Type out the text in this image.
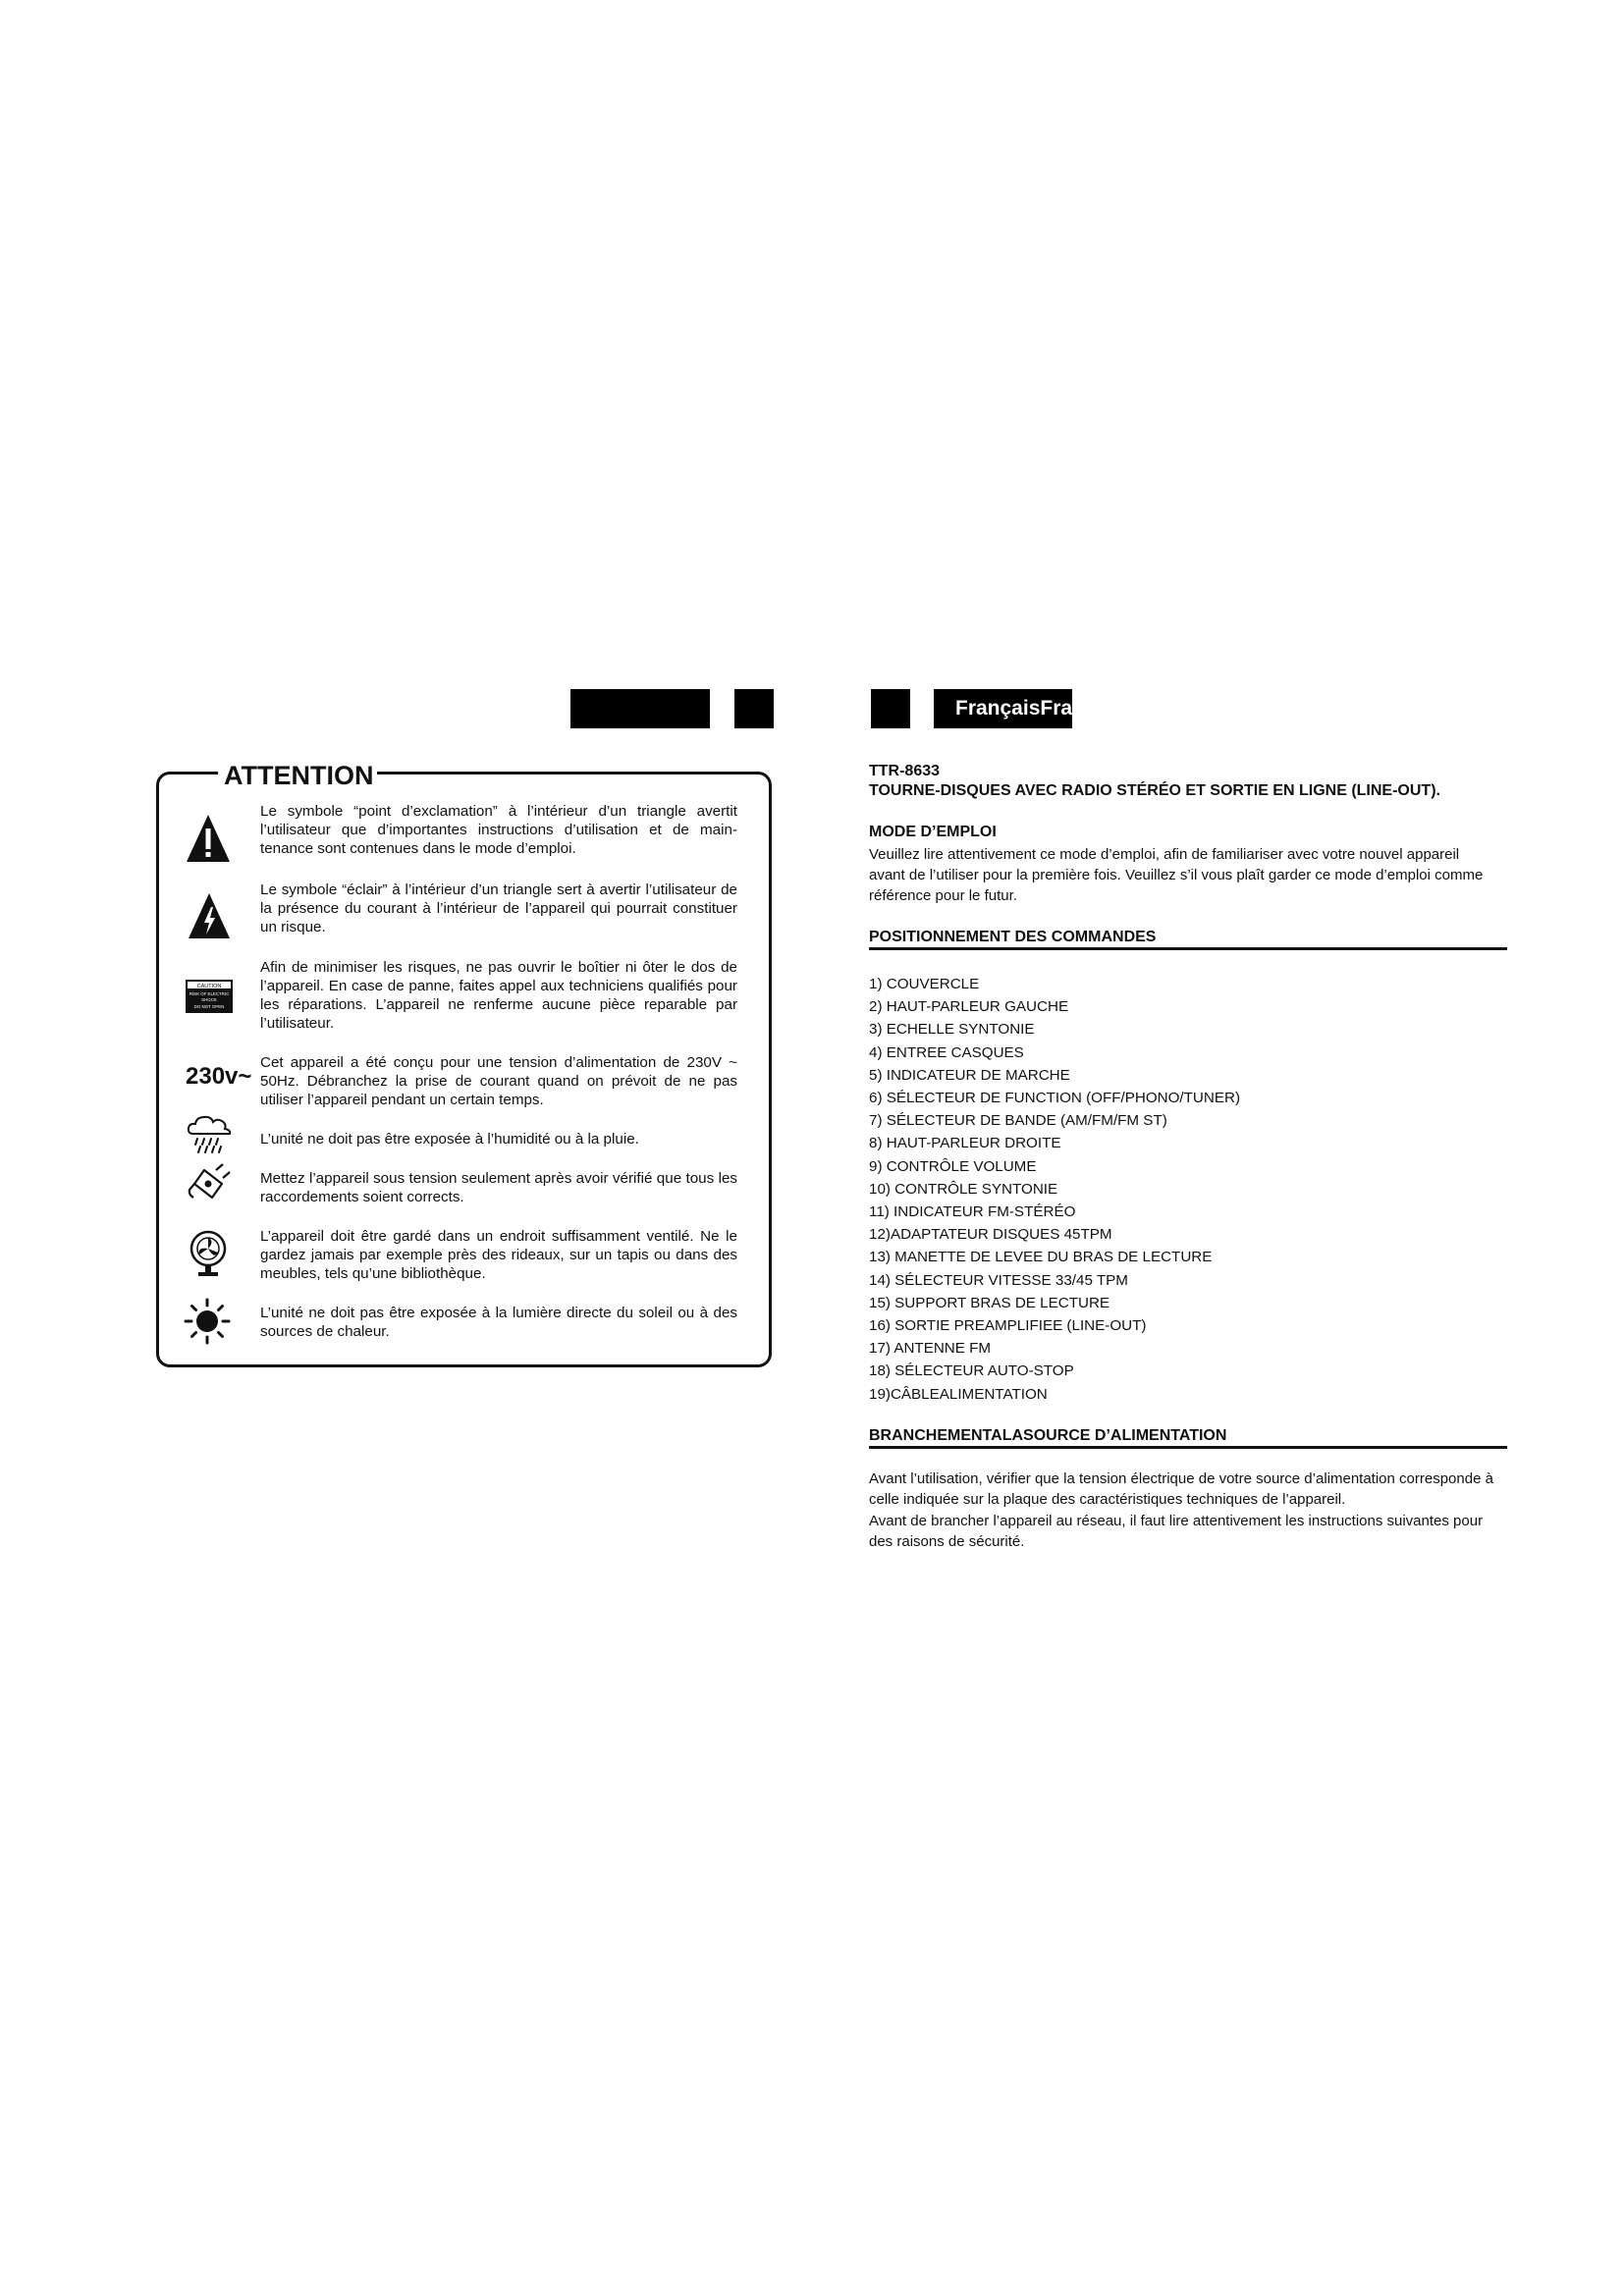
FrançaisFra
ATTENTION
CAUTION
RISK OF ELECTRIC
SHOCK
DO NOT OPEN
230v~

Le symbole “point d’exclamation” à l’intérieur d’un triangle avertit l’utilisateur que d’importantes instructions d’utilisation et de main-tenance sont contenues dans le mode d’emploi.

Le symbole “éclair” à l’intérieur d’un triangle sert à avertir l’utilisateur de la présence du courant à l’intérieur de l’appareil qui pourrait constituer un risque.

Afin de minimiser les risques, ne pas ouvrir le boîtier ni ôter le dos de l’appareil. En case de panne, faites appel aux techniciens qualifiés pour les réparations. L’appareil ne renferme aucune pièce reparable par l’utilisateur.

Cet appareil a été conçu pour une tension d’alimentation de 230V ~ 50Hz. Débranchez la prise de courant quand on prévoit de ne pas utiliser l’appareil pendant un certain temps.

L’unité ne doit pas être exposée à l’humidité ou à la pluie.

Mettez l’appareil sous tension seulement après avoir vérifié que tous les raccordements soient corrects.

L’appareil doit être gardé dans un endroit suffisamment ventilé. Ne le gardez jamais par exemple près des rideaux, sur un tapis ou dans des meubles, tels qu’une bibliothèque.

L’unité ne doit pas être exposée à la lumière directe du soleil ou à des sources de chaleur.

TTR-8633
TOURNE-DISQUES AVEC RADIO STÉRÉO ET SORTIE EN LIGNE (LINE-OUT).
MODE D’EMPLOI

Veuillez lire attentivement ce mode d’emploi, afin de familiariser avec votre nouvel appareil avant de l’utiliser pour la première fois. Veuillez s’il vous plaît garder ce mode d’emploi comme référence pour le futur.

POSITIONNEMENT DES COMMANDES
1) COUVERCLE
2) HAUT-PARLEUR GAUCHE
3) ECHELLE SYNTONIE
4) ENTREE CASQUES
5) INDICATEUR DE MARCHE
6) SÉLECTEUR DE FUNCTION (OFF/PHONO/TUNER)
7) SÉLECTEUR DE BANDE (AM/FM/FM ST)
8) HAUT-PARLEUR DROITE
9) CONTRÔLE VOLUME
10) CONTRÔLE SYNTONIE
11) INDICATEUR FM-STÉRÉO
12)ADAPTATEUR DISQUES 45TPM
13) MANETTE DE LEVEE DU BRAS DE LECTURE
14) SÉLECTEUR VITESSE 33/45 TPM
15) SUPPORT BRAS DE LECTURE
16) SORTIE PREAMPLIFIEE (LINE-OUT)
17) ANTENNE FM
18) SÉLECTEUR AUTO-STOP
19)CÂBLEALIMENTATION
BRANCHEMENTALASOURCE D’ALIMENTATION
Avant l’utilisation, vérifier que la tension électrique de votre source d’alimentation corresponde à celle indiquée sur la plaque des caractéristiques techniques de l’appareil.
Avant de brancher l’appareil au réseau, il faut lire attentivement les instructions suivantes pour des raisons de sécurité.
